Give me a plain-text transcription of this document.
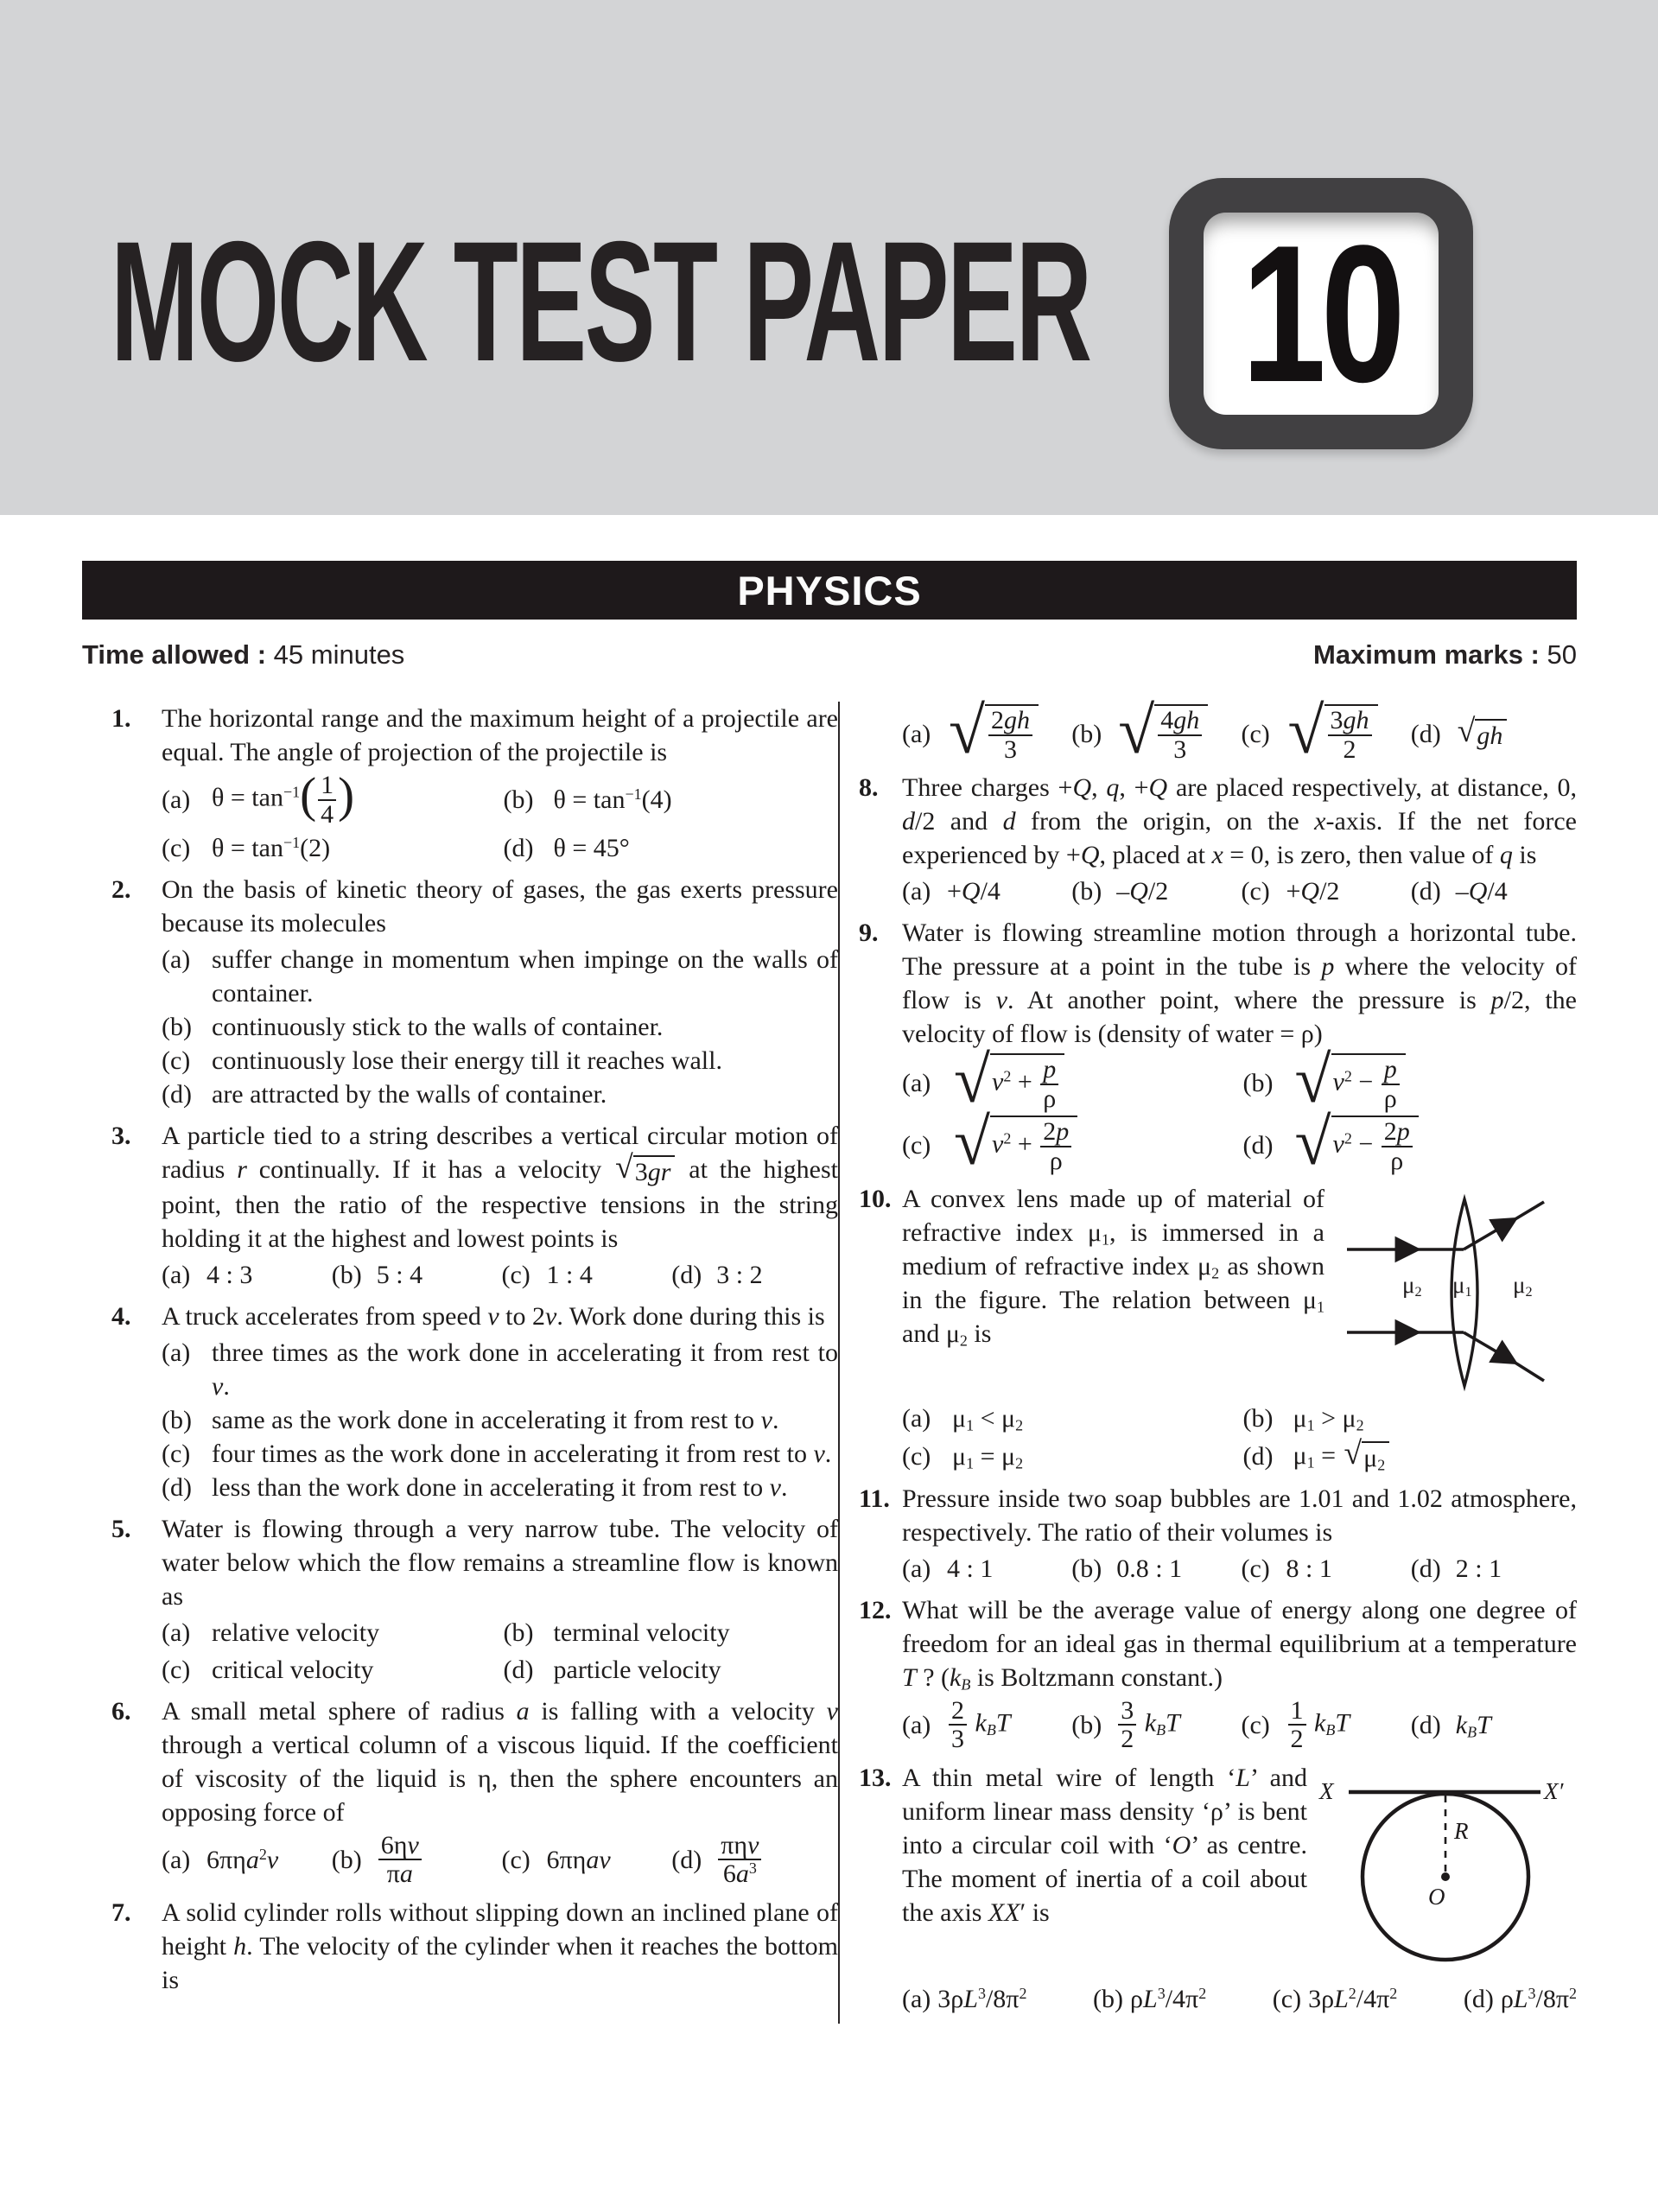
MOCK TEST PAPER 10
PHYSICS
Time allowed : 45 minutes	Maximum marks : 50
1.	The horizontal range and the maximum height of a projectile are equal. The angle of projection of the projectile is

(a) $\theta = \tan^{-1}( \frac{1}{4}$ )	(b) $\theta = \tan^{-1}(4)$
(c) $\theta = \tan^{-1}(2)$	(d) θ = 45°
2.	On the basis of kinetic theory of gases, the gas exerts pressure because its molecules

(a) suffer change in momentum when impinge on the walls of container.
(b) continuously stick to the walls of container.
(c) continuously lose their energy till it reaches wall.
(d) are attracted by the walls of container.
3.	A particle tied to a string describes a vertical circular motion of radius r continually. If it has a velocity √ 3gr at the highest point, then the ratio of the respective tensions in the string holding it at the highest and lowest points is

(a) 4 : 3	(b) 5 : 4	(c) 1 : 4	(d) 3 : 2
4.	A truck accelerates from speed v to 2v. Work done during this is

(a) three times as the work done in accelerating it from rest to v.
(b) same as the work done in accelerating it from rest to v.
(c) four times as the work done in accelerating it from rest to v.
(d) less than the work done in accelerating it from rest to v.
5.	Water is flowing through a very narrow tube. The velocity of water below which the flow remains a streamline flow is known as

(a) relative velocity	(b) terminal velocity
(c) critical velocity	(d) particle velocity
6.	A small metal sphere of radius a is falling with a velocity v through a vertical column of a viscous liquid. If the coefficient of viscosity of the liquid is η, then the sphere encounters an opposing force of

(a) 6πηa$^2$v	$(b) \frac{6\eta v}{\pi a}$	(c) 6πηav	$(d) \frac{\text{πηv}}{6a^3}$
7.	A solid cylinder rolls without slipping down an inclined plane of height h. The velocity of the cylinder when it reaches the bottom is

(a) √ $\frac{2gh}{3} (b)$ √ $\frac{4gh}{3} (c)$ √ $\frac{3gh}{2} (d)$ √ gh
8. Three charges +Q, q, +Q are placed respectively, at distance, 0, d/2 and d from the origin, on the x-axis. If the net force experienced by +Q, placed at x = 0, is zero, then value of q is

(a) +Q/4	(b) –Q/2	(c) +Q/2	(d) –Q/4
9. Water is flowing streamline motion through a horizontal tube. The pressure at a point in the tube is p where the velocity of flow is v. At another point, where the pressure is p/2, the velocity of flow is (density of water = ρ)

(a) √ $v^2 + \frac{p}{\rho}$	(b) √ $v^2 - \frac{p}{\rho}$
(c) √ $v^2 + \frac{2p}{\rho}$	(d) √ $v^2 - \frac{2p}{\rho}$
10.
$\mu_2$ $\mu_1$ $\mu_2$

A convex lens made up of material of refractive index $\mu_1$, is immersed in a medium of refractive index $\mu_2$ as shown in the figure. The relation between $\mu_1$ and $\mu_2$ is

(a) $\mu_1 < \mu_2$	(b) $\mu_1 > \mu_2$
(c) $\mu_1 = \mu_2$	(d) $\mu_1$ = √ $\mu_2$
11. Pressure inside two soap bubbles are 1.01 and 1.02 atmosphere, respectively. The ratio of their volumes is

(a) 4 : 1	(b) 0.8 : 1	(c) 8 : 1	(d) 2 : 1
12. What will be the average value of energy along one degree of freedom for an ideal gas in thermal equilibrium at a temperature T ? ($k_B$ is Boltzmann constant.)

$(a) \frac{2}{3} k_BT$	$(b) \frac{3}{2} k_BT$	$(c) \frac{1}{2} k_BT$	(d) $k_BT$
13.	X	X′
R
O

A thin metal wire of length ‘L’ and uniform linear mass density ‘ρ’ is bent into a circular coil with ‘O’ as centre. The moment of inertia of a coil about the axis XX′ is

(a) $3\rho L^3/8\pi^2$	(b) $\rho L^3/4\pi^2$	(c) $3\rho L^2/4\pi^2$	(d) $\rho L^3/8\pi^2$
